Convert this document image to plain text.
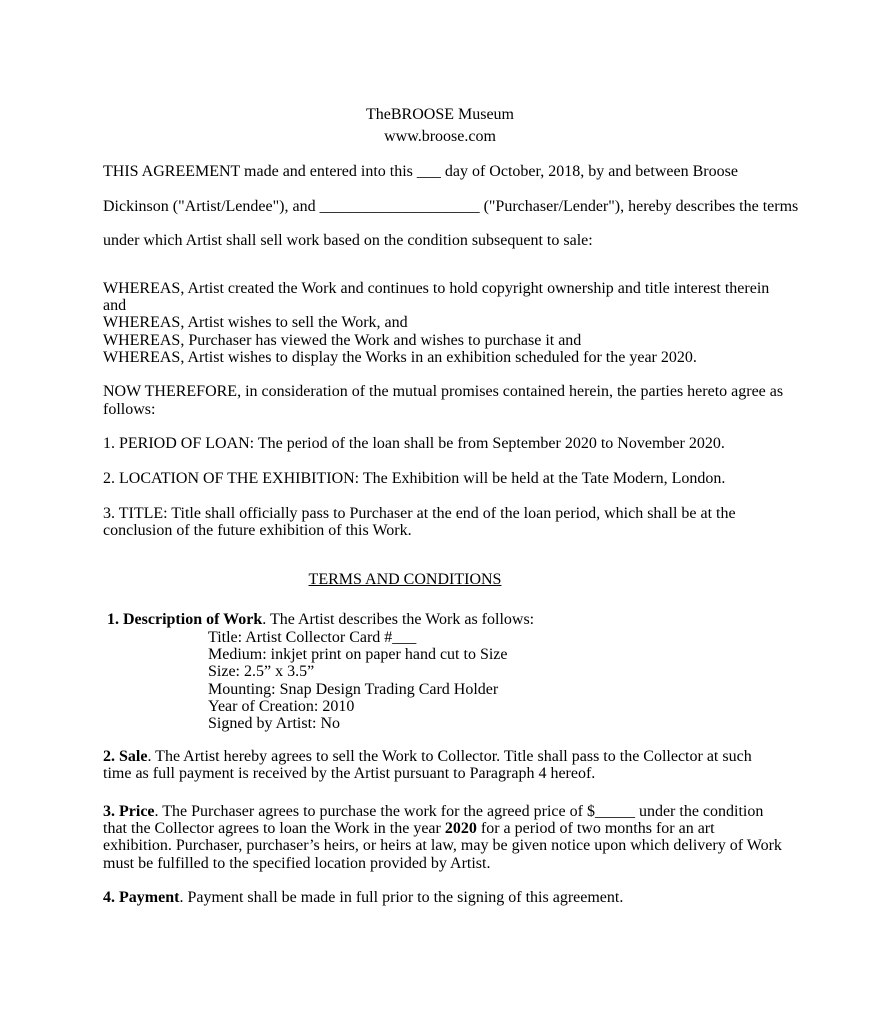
TheBROOSE Museum
www.broose.com
THIS AGREEMENT made and entered into this ___ day of October, 2018, by and between Broose
Dickinson ("Artist/Lendee"), and ____________________ ("Purchaser/Lender"), hereby describes the terms
under which Artist shall sell work based on the condition subsequent to sale:
WHEREAS, Artist created the Work and continues to hold copyright ownership and title interest therein
and
WHEREAS, Artist wishes to sell the Work, and
WHEREAS, Purchaser has viewed the Work and wishes to purchase it and
WHEREAS, Artist wishes to display the Works in an exhibition scheduled for the year 2020.
NOW THEREFORE, in consideration of the mutual promises contained herein, the parties hereto agree as
follows:
1. PERIOD OF LOAN: The period of the loan shall be from September 2020 to November 2020.
2. LOCATION OF THE EXHIBITION: The Exhibition will be held at the Tate Modern, London.
3. TITLE: Title shall officially pass to Purchaser at the end of the loan period, which shall be at the
conclusion of the future exhibition of this Work.
TERMS AND CONDITIONS
1. Description of Work. The Artist describes the Work as follows:
Title: Artist Collector Card #___
Medium: inkjet print on paper hand cut to Size
Size: 2.5” x 3.5”
Mounting: Snap Design Trading Card Holder
Year of Creation: 2010
Signed by Artist: No
2. Sale. The Artist hereby agrees to sell the Work to Collector. Title shall pass to the Collector at such
time as full payment is received by the Artist pursuant to Paragraph 4 hereof.
3. Price. The Purchaser agrees to purchase the work for the agreed price of $_____ under the condition
that the Collector agrees to loan the Work in the year 2020 for a period of two months for an art
exhibition. Purchaser, purchaser’s heirs, or heirs at law, may be given notice upon which delivery of Work
must be fulfilled to the specified location provided by Artist.
4. Payment. Payment shall be made in full prior to the signing of this agreement.
